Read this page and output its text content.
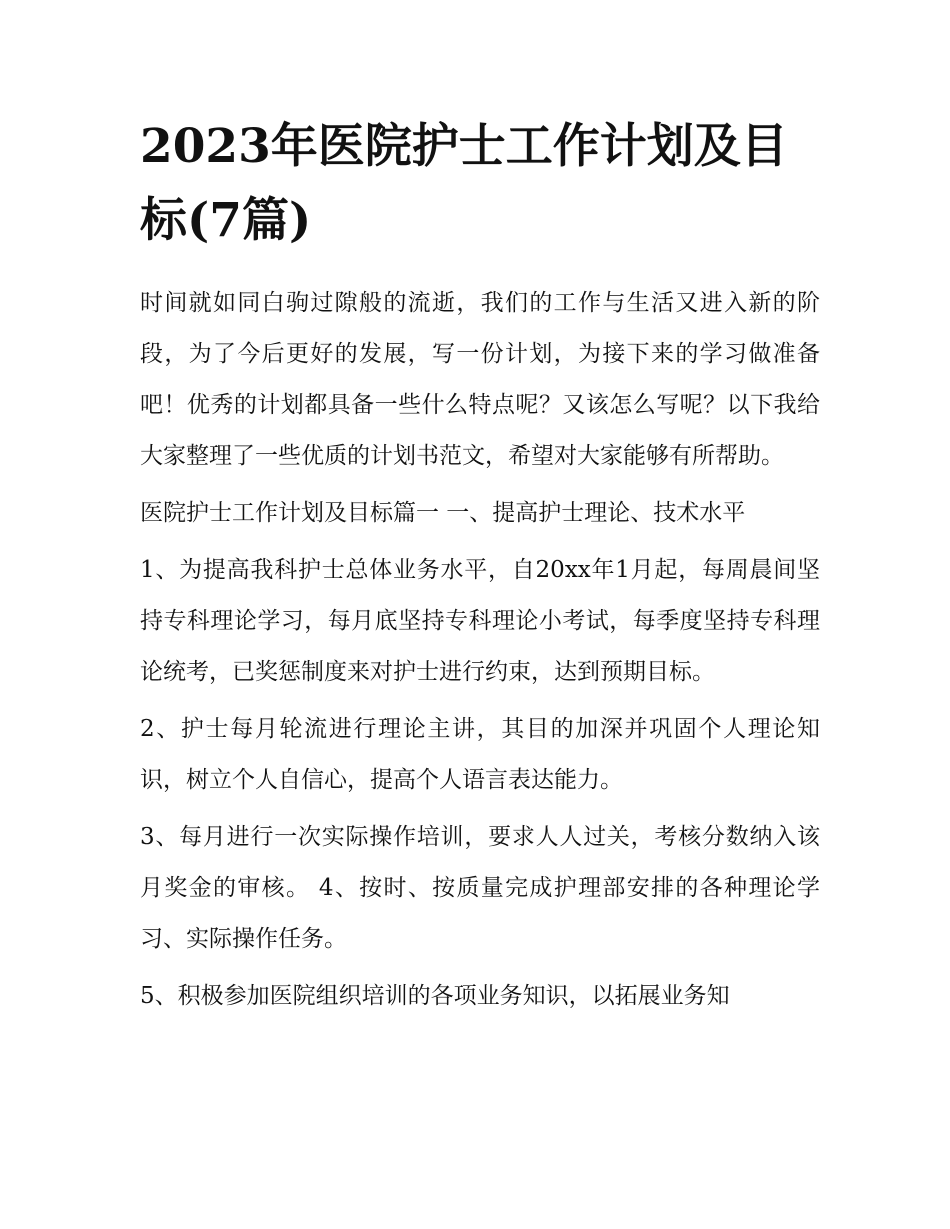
2023年医院护士工作计划及目标(7篇)

时间就如同白驹过隙般的流逝，我们的工作与生活又进入新的阶段，为了今后更好的发展，写一份计划，为接下来的学习做准备吧！优秀的计划都具备一些什么特点呢？又该怎么写呢？以下我给大家整理了一些优质的计划书范文，希望对大家能够有所帮助。

医院护士工作计划及目标篇一 一、提高护士理论、技术水平

1、为提高我科护士总体业务水平，自20xx年1月起，每周晨间坚持专科理论学习，每月底坚持专科理论小考试，每季度坚持专科理论统考，已奖惩制度来对护士进行约束，达到预期目标。

2、护士每月轮流进行理论主讲，其目的加深并巩固个人理论知识，树立个人自信心，提高个人语言表达能力。

3、每月进行一次实际操作培训，要求人人过关，考核分数纳入该月奖金的审核。 4、按时、按质量完成护理部安排的各种理论学习、实际操作任务。

5、积极参加医院组织培训的各项业务知识，以拓展业务知
